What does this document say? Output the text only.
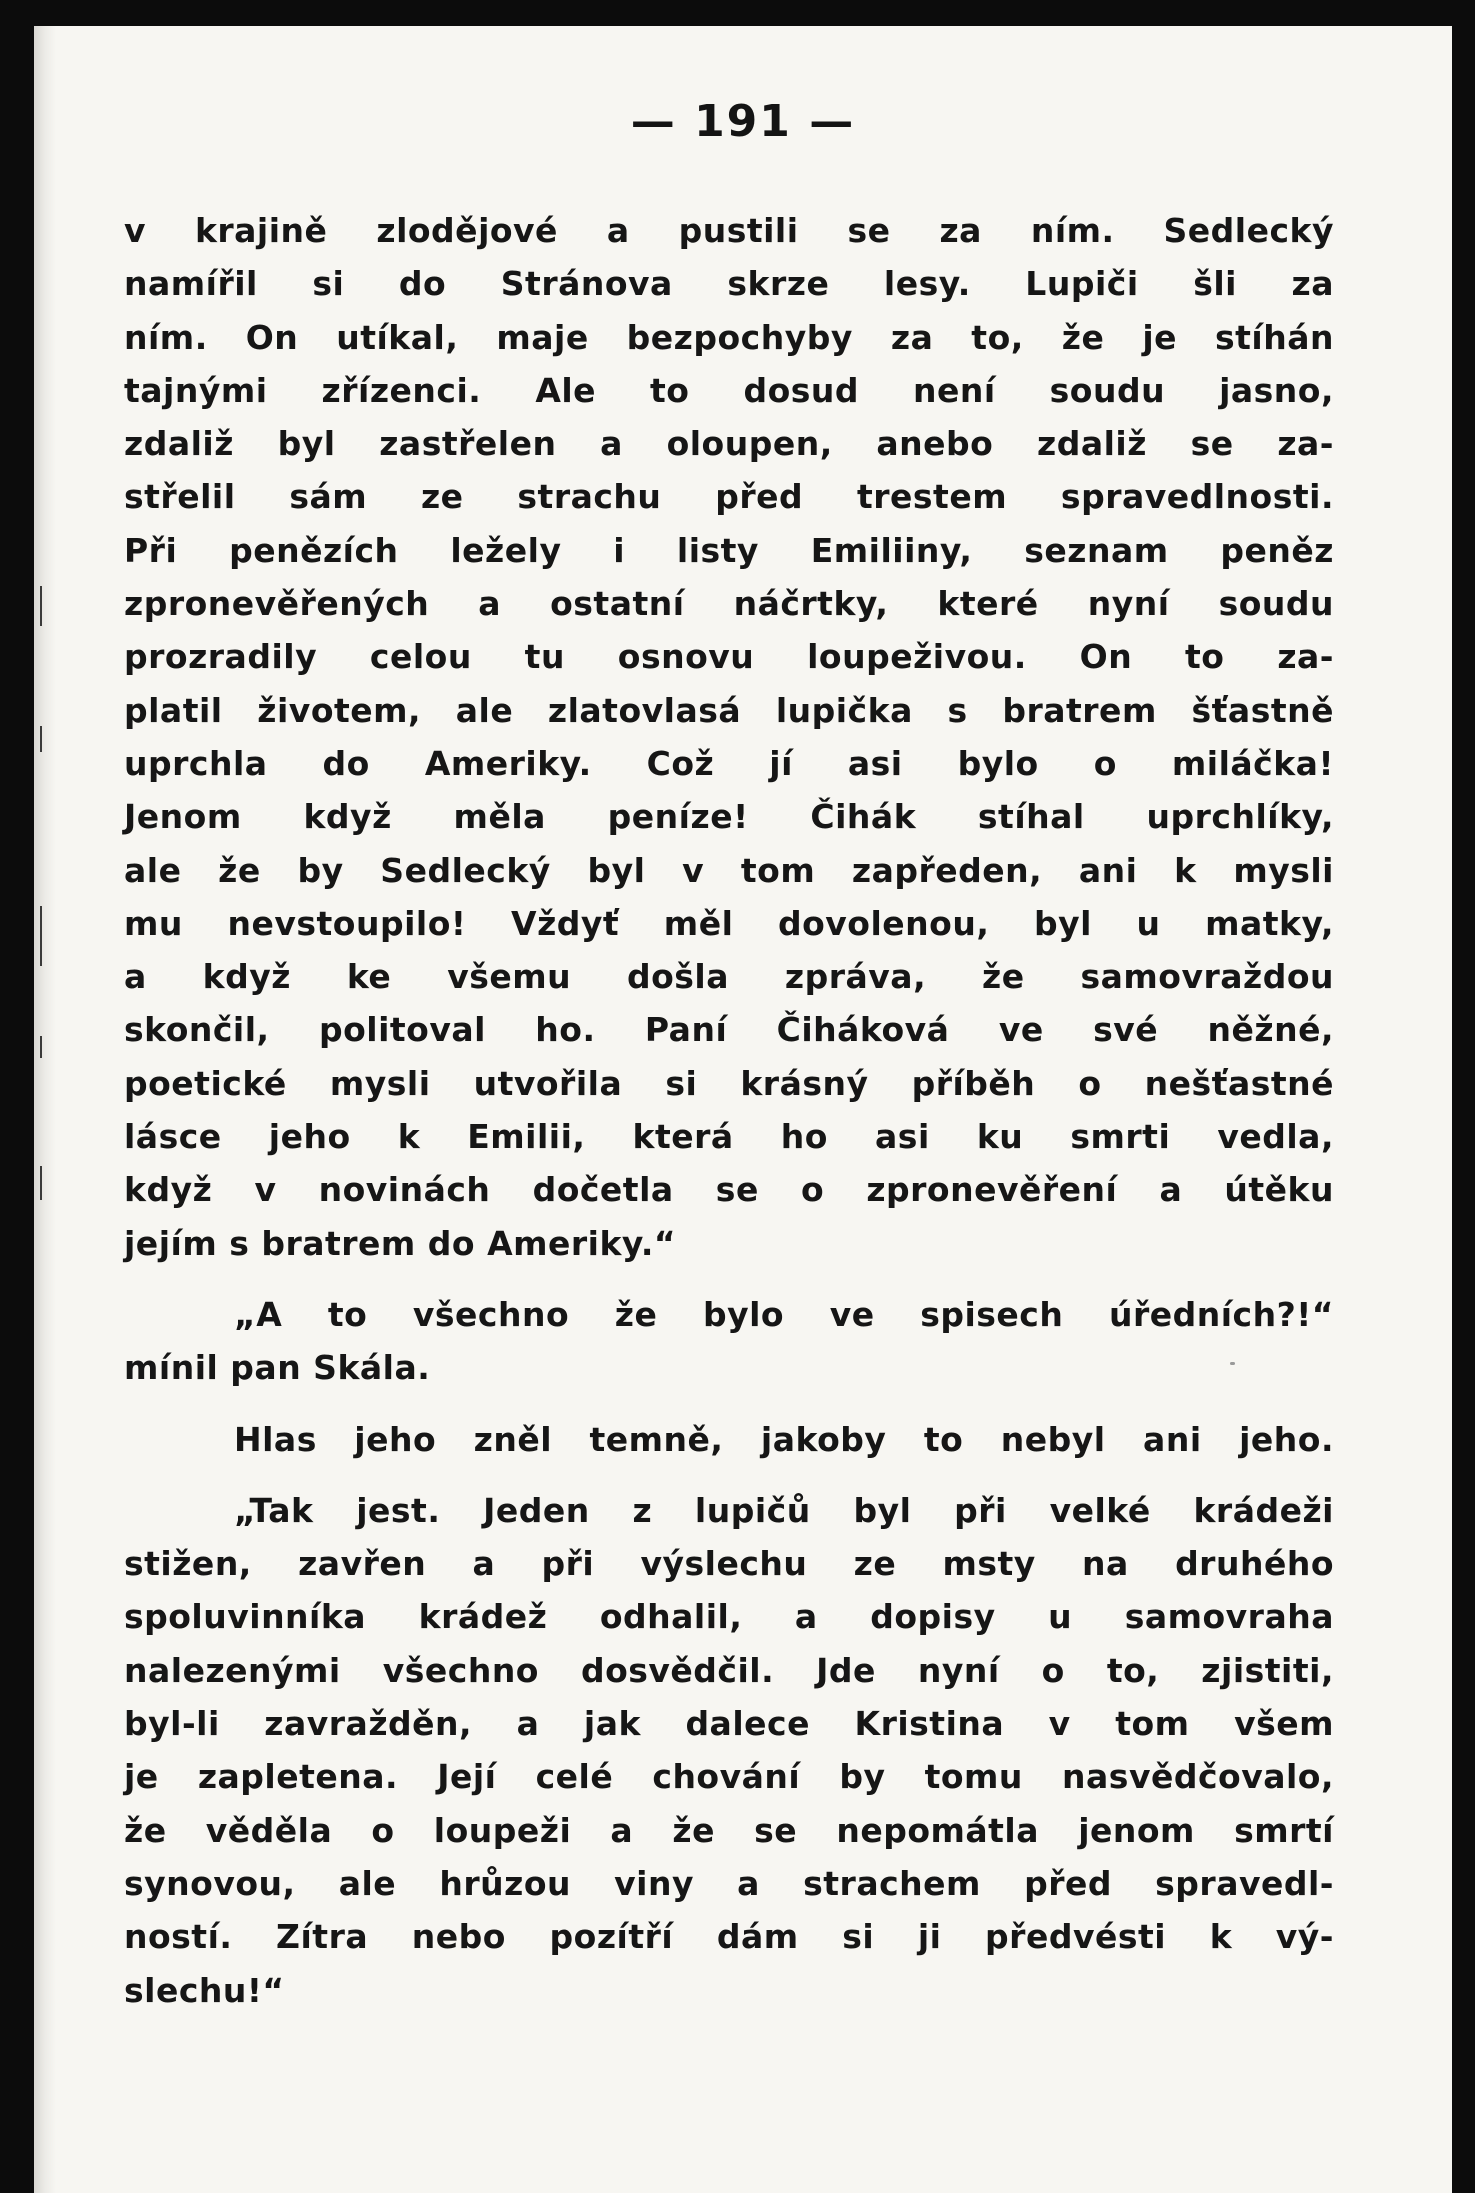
— 191 —
v krajině zlodějové a pustili se za ním. Sedlecký
namířil si do Stránova skrze lesy. Lupiči šli za
ním. On utíkal, maje bezpochyby za to, že je stíhán
tajnými zřízenci. Ale to dosud není soudu jasno,
zdaliž byl zastřelen a oloupen, anebo zdaliž se za-
střelil sám ze strachu před trestem spravedlnosti.
Při penězích ležely i listy Emiliiny, seznam peněz
zpronevěřených a ostatní náčrtky, které nyní soudu
prozradily celou tu osnovu loupeživou. On to za-
platil životem, ale zlatovlasá lupička s bratrem šťastně
uprchla do Ameriky. Což jí asi bylo o miláčka!
Jenom když měla peníze! Čihák stíhal uprchlíky,
ale že by Sedlecký byl v tom zapředen, ani k mysli
mu nevstoupilo! Vždyť měl dovolenou, byl u matky,
a když ke všemu došla zpráva, že samovraždou
skončil, politoval ho. Paní Čiháková ve své něžné,
poetické mysli utvořila si krásný příběh o nešťastné
lásce jeho k Emilii, která ho asi ku smrti vedla,
když v novinách dočetla se o zpronevěření a útěku
jejím s bratrem do Ameriky.“
„A to všechno že bylo ve spisech úředních?!“
mínil pan Skála.
Hlas jeho zněl temně, jakoby to nebyl ani jeho.
„Tak jest. Jeden z lupičů byl při velké krádeži
stižen, zavřen a při výslechu ze msty na druhého
spoluvinníka krádež odhalil, a dopisy u samovraha
nalezenými všechno dosvědčil. Jde nyní o to, zjistiti,
byl-li zavražděn, a jak dalece Kristina v tom všem
je zapletena. Její celé chování by tomu nasvědčovalo,
že věděla o loupeži a že se nepomátla jenom smrtí
synovou, ale hrůzou viny a strachem před spravedl-
ností. Zítra nebo pozítří dám si ji předvésti k vý-
slechu!“
